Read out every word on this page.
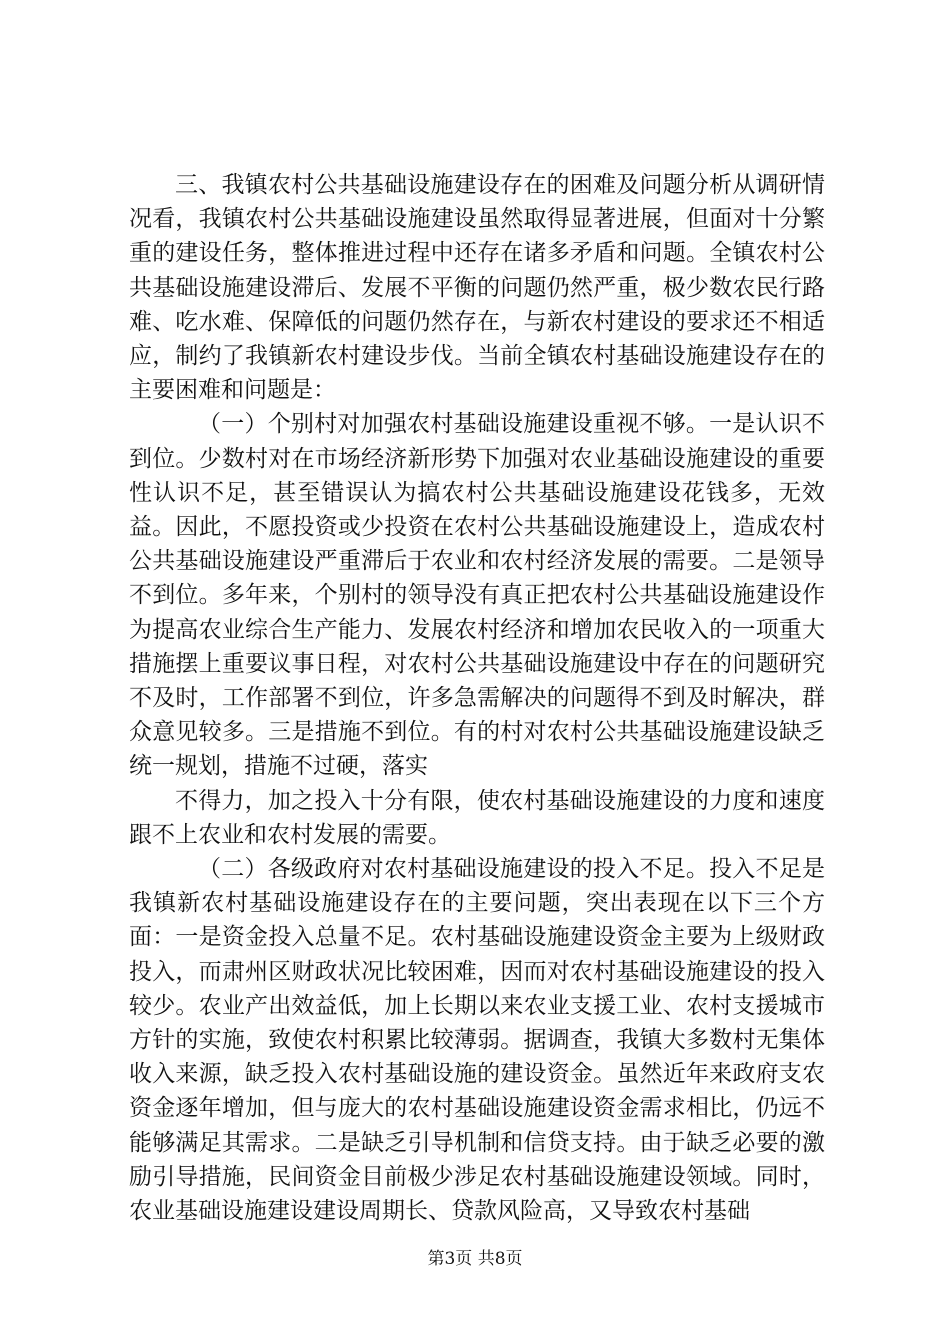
三、我镇农村公共基础设施建设存在的困难及问题分析从调研情况看，我镇农村公共基础设施建设虽然取得显著进展，但面对十分繁重的建设任务，整体推进过程中还存在诸多矛盾和问题。全镇农村公共基础设施建设滞后、发展不平衡的问题仍然严重，极少数农民行路难、吃水难、保障低的问题仍然存在，与新农村建设的要求还不相适应，制约了我镇新农村建设步伐。当前全镇农村基础设施建设存在的主要困难和问题是：

（一）个别村对加强农村基础设施建设重视不够。一是认识不到位。少数村对在市场经济新形势下加强对农业基础设施建设的重要性认识不足，甚至错误认为搞农村公共基础设施建设花钱多，无效益。因此，不愿投资或少投资在农村公共基础设施建设上，造成农村公共基础设施建设严重滞后于农业和农村经济发展的需要。二是领导不到位。多年来，个别村的领导没有真正把农村公共基础设施建设作为提高农业综合生产能力、发展农村经济和增加农民收入的一项重大措施摆上重要议事日程，对农村公共基础设施建设中存在的问题研究不及时，工作部署不到位，许多急需解决的问题得不到及时解决，群众意见较多。三是措施不到位。有的村对农村公共基础设施建设缺乏统一规划，措施不过硬，落实

不得力，加之投入十分有限，使农村基础设施建设的力度和速度跟不上农业和农村发展的需要。

（二）各级政府对农村基础设施建设的投入不足。投入不足是我镇新农村基础设施建设存在的主要问题，突出表现在以下三个方面：一是资金投入总量不足。农村基础设施建设资金主要为上级财政投入，而肃州区财政状况比较困难，因而对农村基础设施建设的投入较少。农业产出效益低，加上长期以来农业支援工业、农村支援城市方针的实施，致使农村积累比较薄弱。据调查，我镇大多数村无集体收入来源，缺乏投入农村基础设施的建设资金。虽然近年来政府支农资金逐年增加，但与庞大的农村基础设施建设资金需求相比，仍远不能够满足其需求。二是缺乏引导机制和信贷支持。由于缺乏必要的激励引导措施，民间资金目前极少涉足农村基础设施建设领域。同时，农业基础设施建设建设周期长、贷款风险高，又导致农村基础

第3页 共8页
